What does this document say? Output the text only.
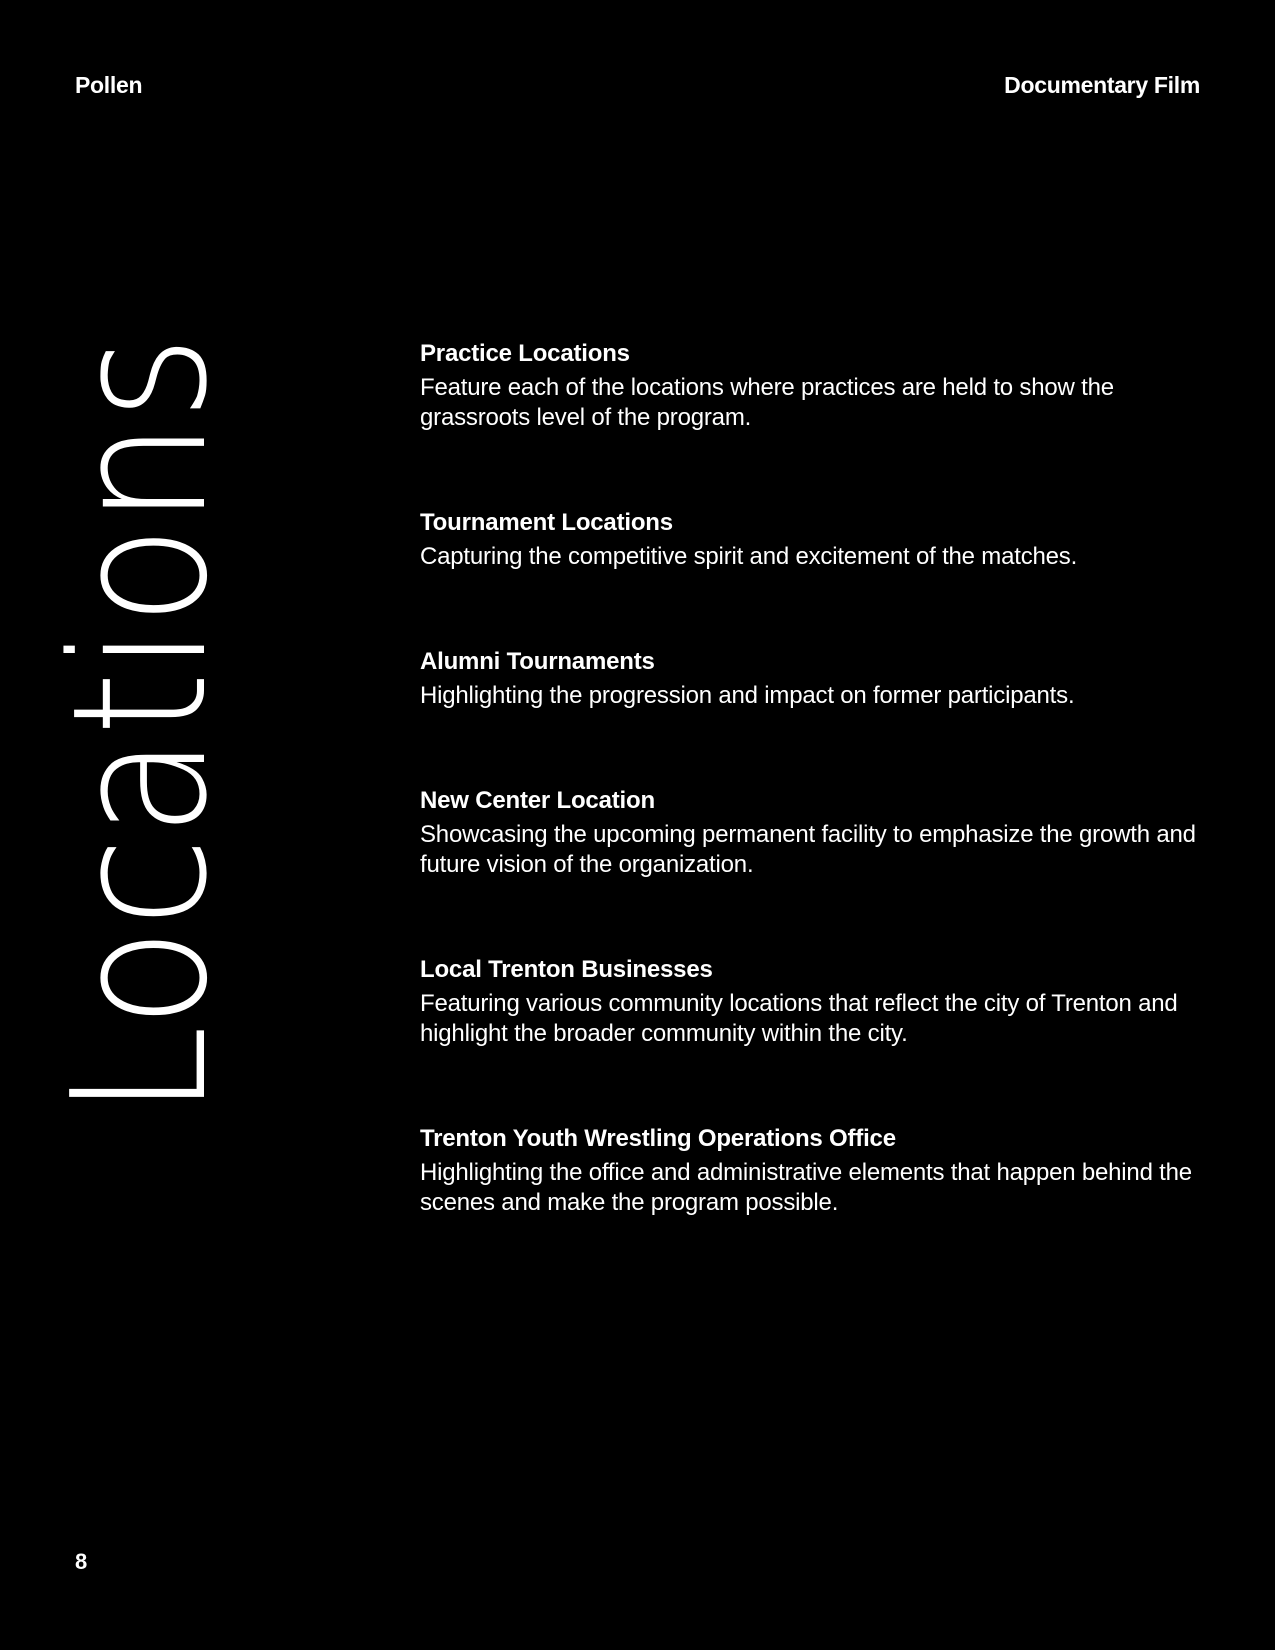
Pollen	Documentary Film
Locations	Practice Locations
Feature each of the locations where practices are held to show the grassroots level of the program.
Tournament Locations
Capturing the competitive spirit and excitement of the matches.
Alumni Tournaments
Highlighting the progression and impact on former participants.
New Center Location
Showcasing the upcoming permanent facility to emphasize the growth and future vision of the organization.
Local Trenton Businesses
Featuring various community locations that reflect the city of Trenton and highlight the broader community within the city.
Trenton Youth Wrestling Operations Office
Highlighting the office and administrative elements that happen behind the scenes and make the program possible.
8
